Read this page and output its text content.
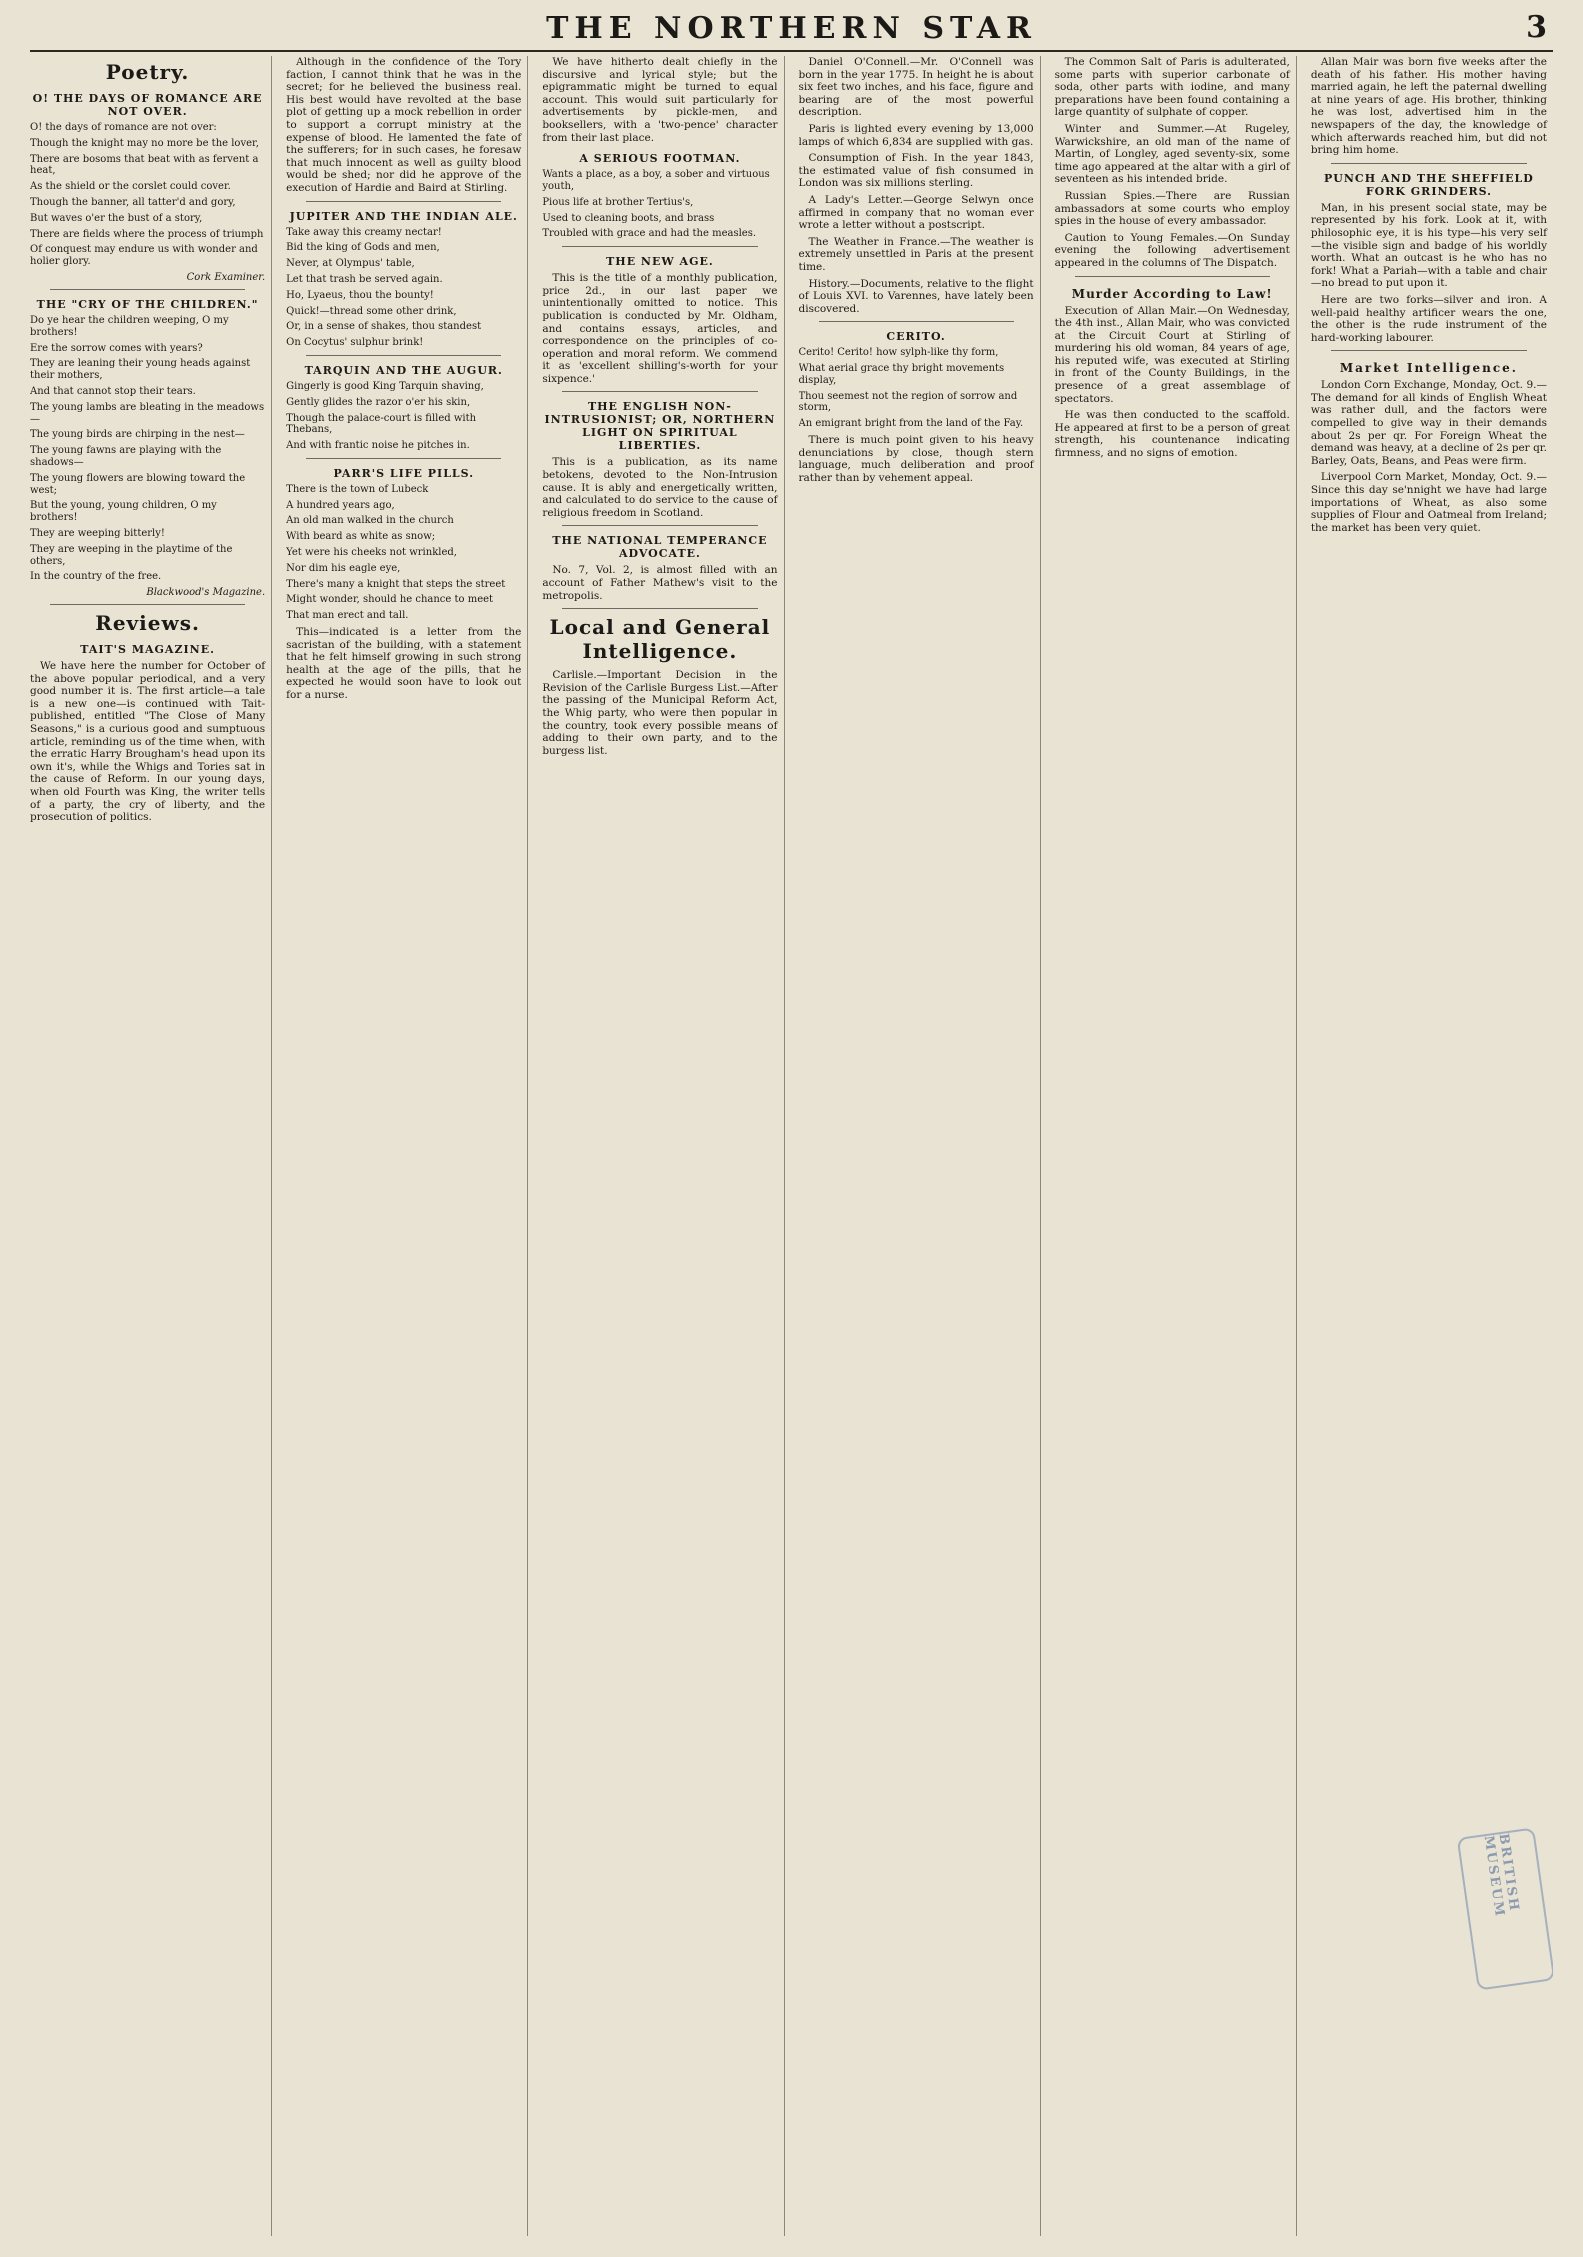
THE NORTHERN STAR	3
Poetry.
O! THE DAYS OF ROMANCE ARE NOT OVER.

O! the days of romance are not over:

Though the knight may no more be the lover,

There are bosoms that beat with as fervent a heat,

As the shield or the corslet could cover.

Though the banner, all tatter'd and gory,

But waves o'er the bust of a story,

There are fields where the process of triumph

Of conquest may endure us with wonder and holier glory.

Cork Examiner.
THE "CRY OF THE CHILDREN."

Do ye hear the children weeping, O my brothers!

Ere the sorrow comes with years?

They are leaning their young heads against their mothers,

And that cannot stop their tears.

The young lambs are bleating in the meadows—

The young birds are chirping in the nest—

The young fawns are playing with the shadows—

The young flowers are blowing toward the west;

But the young, young children, O my brothers!

They are weeping bitterly!

They are weeping in the playtime of the others,

In the country of the free.

Blackwood's Magazine.
Reviews.
TAIT'S MAGAZINE.

We have here the number for October of the above popular periodical, and a very good number it is. The first article—a tale is a new one—is continued with Tait-published, entitled "The Close of Many Seasons," is a curious good and sumptuous article, reminding us of the time when, with the erratic Harry Brougham's head upon its own it's, while the Whigs and Tories sat in the cause of Reform. In our young days, when old Fourth was King, the writer tells of a party, the cry of liberty, and the prosecution of politics.

Although in the confidence of the Tory faction, I cannot think that he was in the secret; for he believed the business real. His best would have revolted at the base plot of getting up a mock rebellion in order to support a corrupt ministry at the expense of blood. He lamented the fate of the sufferers; for in such cases, he foresaw that much innocent as well as guilty blood would be shed; nor did he approve of the execution of Hardie and Baird at Stirling.

JUPITER AND THE INDIAN ALE.

Take away this creamy nectar!

Bid the king of Gods and men,

Never, at Olympus' table,

Let that trash be served again.

Ho, Lyaeus, thou the bounty!

Quick!—thread some other drink,

Or, in a sense of shakes, thou standest

On Cocytus' sulphur brink!

TARQUIN AND THE AUGUR.

Gingerly is good King Tarquin shaving,

Gently glides the razor o'er his skin,

Though the palace-court is filled with Thebans,

And with frantic noise he pitches in.

PARR'S LIFE PILLS.

There is the town of Lubeck

A hundred years ago,

An old man walked in the church

With beard as white as snow;

Yet were his cheeks not wrinkled,

Nor dim his eagle eye,

There's many a knight that steps the street

Might wonder, should he chance to meet

That man erect and tall.

This—indicated is a letter from the sacristan of the building, with a statement that he felt himself growing in such strong health at the age of the pills, that he expected he would soon have to look out for a nurse.

We have hitherto dealt chiefly in the discursive and lyrical style; but the epigrammatic might be turned to equal account. This would suit particularly for advertisements by pickle-men, and booksellers, with a 'two-pence' character from their last place.

A SERIOUS FOOTMAN.

Wants a place, as a boy, a sober and virtuous youth,

Pious life at brother Tertius's,

Used to cleaning boots, and brass

Troubled with grace and had the measles.

THE NEW AGE.

This is the title of a monthly publication, price 2d., in our last paper we unintentionally omitted to notice. This publication is conducted by Mr. Oldham, and contains essays, articles, and correspondence on the principles of co-operation and moral reform. We commend it as 'excellent shilling's-worth for your sixpence.'

THE ENGLISH NON-INTRUSIONIST; OR, NORTHERN LIGHT ON SPIRITUAL LIBERTIES.

This is a publication, as its name betokens, devoted to the Non-Intrusion cause. It is ably and energetically written, and calculated to do service to the cause of religious freedom in Scotland.

THE NATIONAL TEMPERANCE ADVOCATE.

No. 7, Vol. 2, is almost filled with an account of Father Mathew's visit to the metropolis.

Local and General Intelligence.

Carlisle.—Important Decision in the Revision of the Carlisle Burgess List.—After the passing of the Municipal Reform Act, the Whig party, who were then popular in the country, took every possible means of adding to their own party, and to the burgess list.

Daniel O'Connell.—Mr. O'Connell was born in the year 1775. In height he is about six feet two inches, and his face, figure and bearing are of the most powerful description.

Paris is lighted every evening by 13,000 lamps of which 6,834 are supplied with gas.

Consumption of Fish. In the year 1843, the estimated value of fish consumed in London was six millions sterling.

A Lady's Letter.—George Selwyn once affirmed in company that no woman ever wrote a letter without a postscript.

The Weather in France.—The weather is extremely unsettled in Paris at the present time.

History.—Documents, relative to the flight of Louis XVI. to Varennes, have lately been discovered.

CERITO.

Cerito! Cerito! how sylph-like thy form,

What aerial grace thy bright movements display,

Thou seemest not the region of sorrow and storm,

An emigrant bright from the land of the Fay.

There is much point given to his heavy denunciations by close, though stern language, much deliberation and proof rather than by vehement appeal.

The Common Salt of Paris is adulterated, some parts with superior carbonate of soda, other parts with iodine, and many preparations have been found containing a large quantity of sulphate of copper.

Winter and Summer.—At Rugeley, Warwickshire, an old man of the name of Martin, of Longley, aged seventy-six, some time ago appeared at the altar with a girl of seventeen as his intended bride.

Russian Spies.—There are Russian ambassadors at some courts who employ spies in the house of every ambassador.

Caution to Young Females.—On Sunday evening the following advertisement appeared in the columns of The Dispatch.

Murder According to Law!

Execution of Allan Mair.—On Wednesday, the 4th inst., Allan Mair, who was convicted at the Circuit Court at Stirling of murdering his old woman, 84 years of age, his reputed wife, was executed at Stirling in front of the County Buildings, in the presence of a great assemblage of spectators.

He was then conducted to the scaffold. He appeared at first to be a person of great strength, his countenance indicating firmness, and no signs of emotion.

Allan Mair was born five weeks after the death of his father. His mother having married again, he left the paternal dwelling at nine years of age. His brother, thinking he was lost, advertised him in the newspapers of the day, the knowledge of which afterwards reached him, but did not bring him home.

PUNCH AND THE SHEFFIELD FORK GRINDERS.

Man, in his present social state, may be represented by his fork. Look at it, with philosophic eye, it is his type—his very self—the visible sign and badge of his worldly worth. What an outcast is he who has no fork! What a Pariah—with a table and chair—no bread to put upon it.

Here are two forks—silver and iron. A well-paid healthy artificer wears the one, the other is the rude instrument of the hard-working labourer.

Market Intelligence.

London Corn Exchange, Monday, Oct. 9.—The demand for all kinds of English Wheat was rather dull, and the factors were compelled to give way in their demands about 2s per qr. For Foreign Wheat the demand was heavy, at a decline of 2s per qr. Barley, Oats, Beans, and Peas were firm.

Liverpool Corn Market, Monday, Oct. 9.—Since this day se'nnight we have had large importations of Wheat, as also some supplies of Flour and Oatmeal from Ireland; the market has been very quiet.

BRITISH MUSEUM
